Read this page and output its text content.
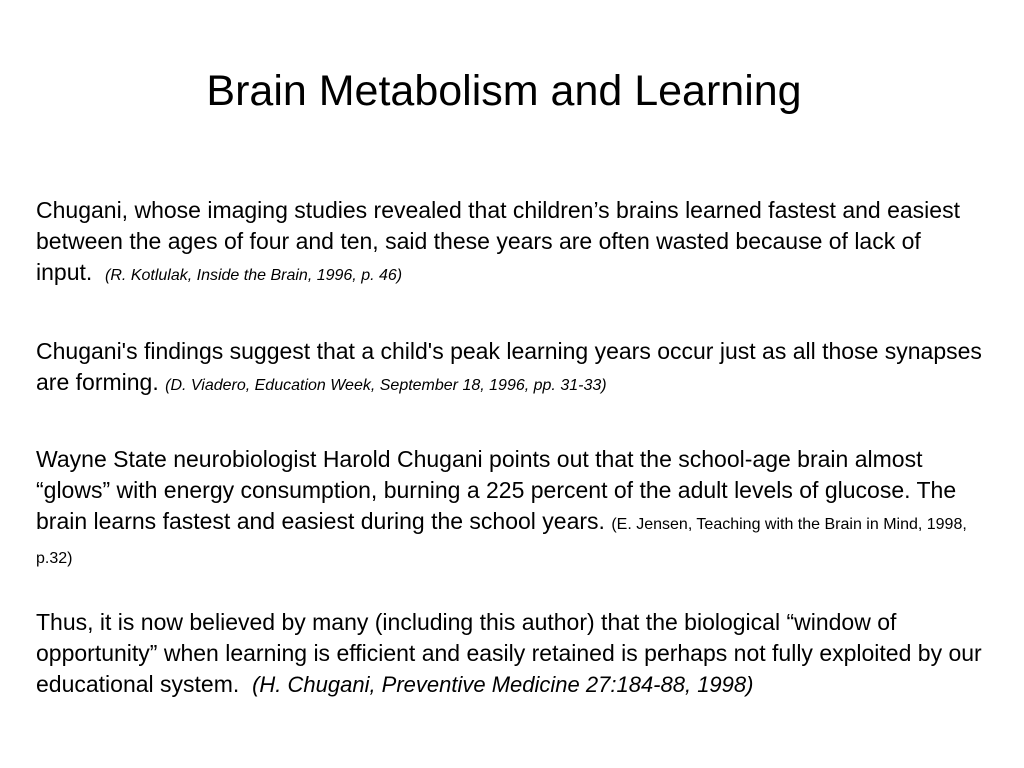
Brain Metabolism and Learning

Chugani, whose imaging studies revealed that children’s brains learned fastest and easiest between the ages of four and ten, said these years are often wasted because of lack of input. (R. Kotlulak, Inside the Brain, 1996, p. 46)

Chugani's findings suggest that a child's peak learning years occur just as all those synapses are forming. (D. Viadero, Education Week, September 18, 1996, pp. 31-33)

Wayne State neurobiologist Harold Chugani points out that the school-age brain almost “glows” with energy consumption, burning a 225 percent of the adult levels of glucose. The brain learns fastest and easiest during the school years. (E. Jensen, Teaching with the Brain in Mind, 1998, p.32)

Thus, it is now believed by many (including this author) that the biological “window of opportunity” when learning is efficient and easily retained is perhaps not fully exploited by our educational system. (H. Chugani, Preventive Medicine 27:184-88, 1998)
